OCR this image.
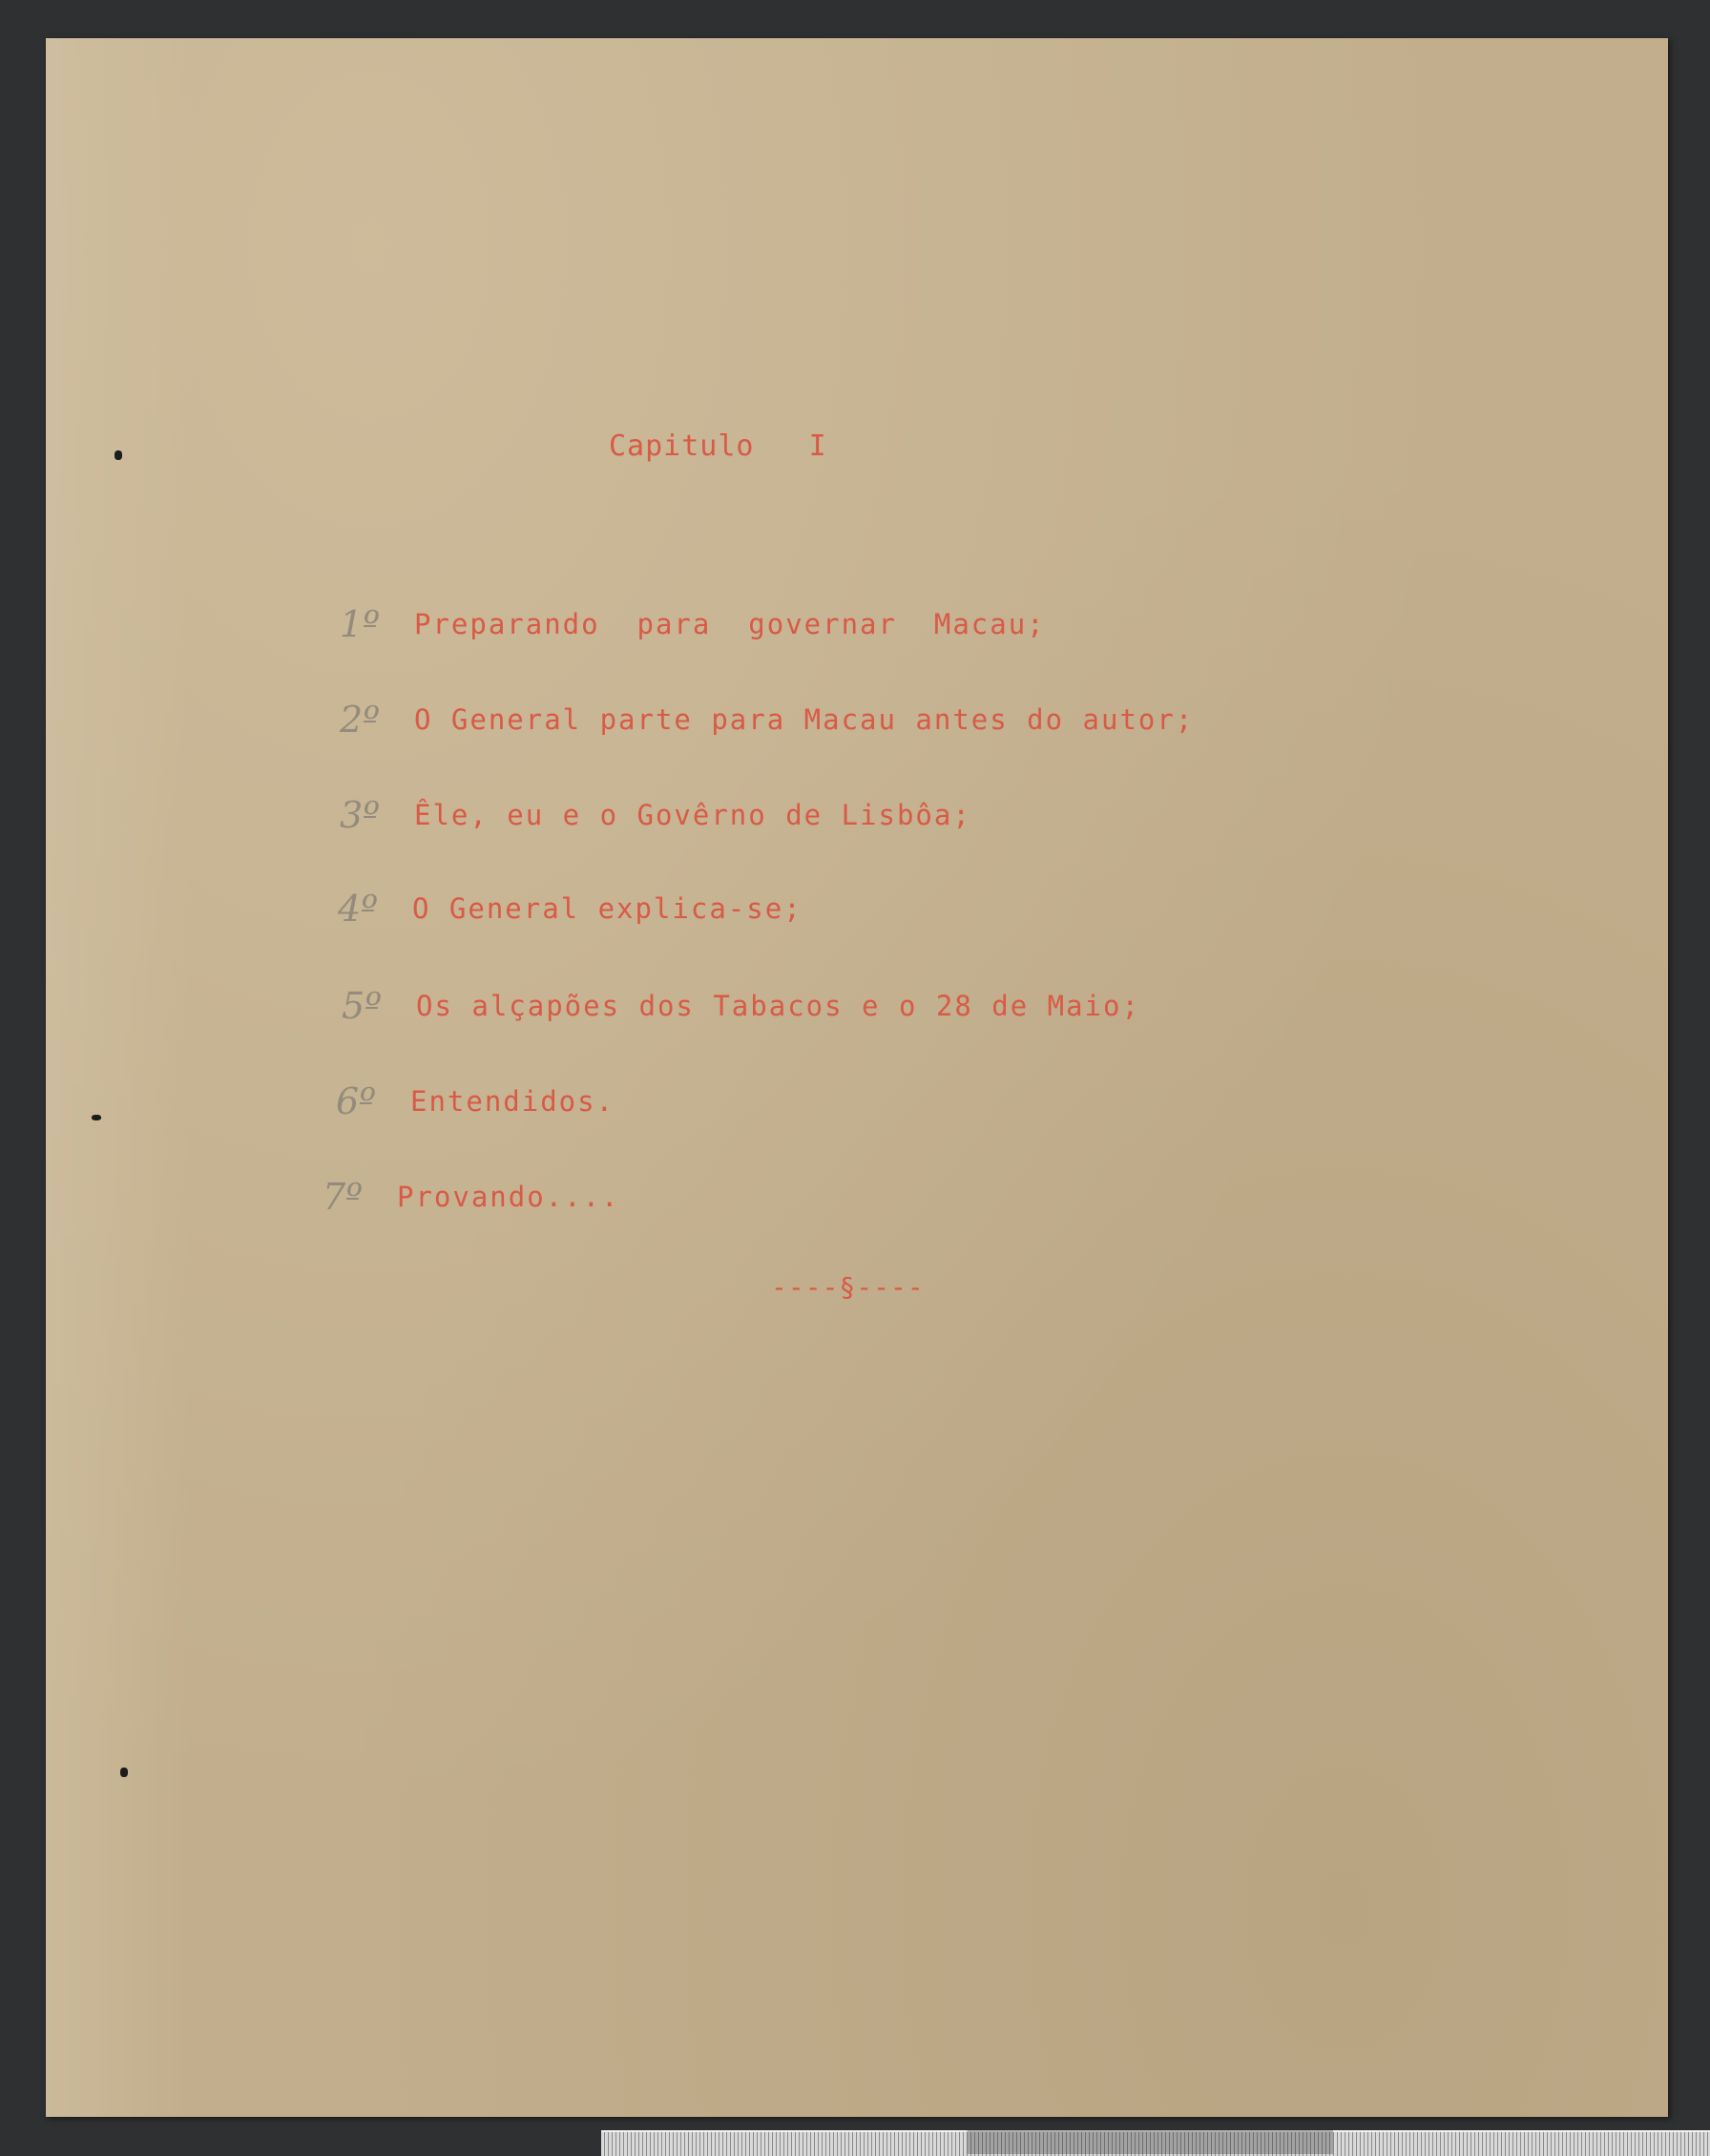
Capitulo   I
1º	Preparando  para  governar  Macau;
2º	O General parte para Macau antes do autor;
3º	Êle, eu e o Govêrno de Lisbôa;
4º	O General explica-se;
5º	Os alçapões dos Tabacos e o 28 de Maio;
6º	Entendidos.
7º	Provando....
----§----
